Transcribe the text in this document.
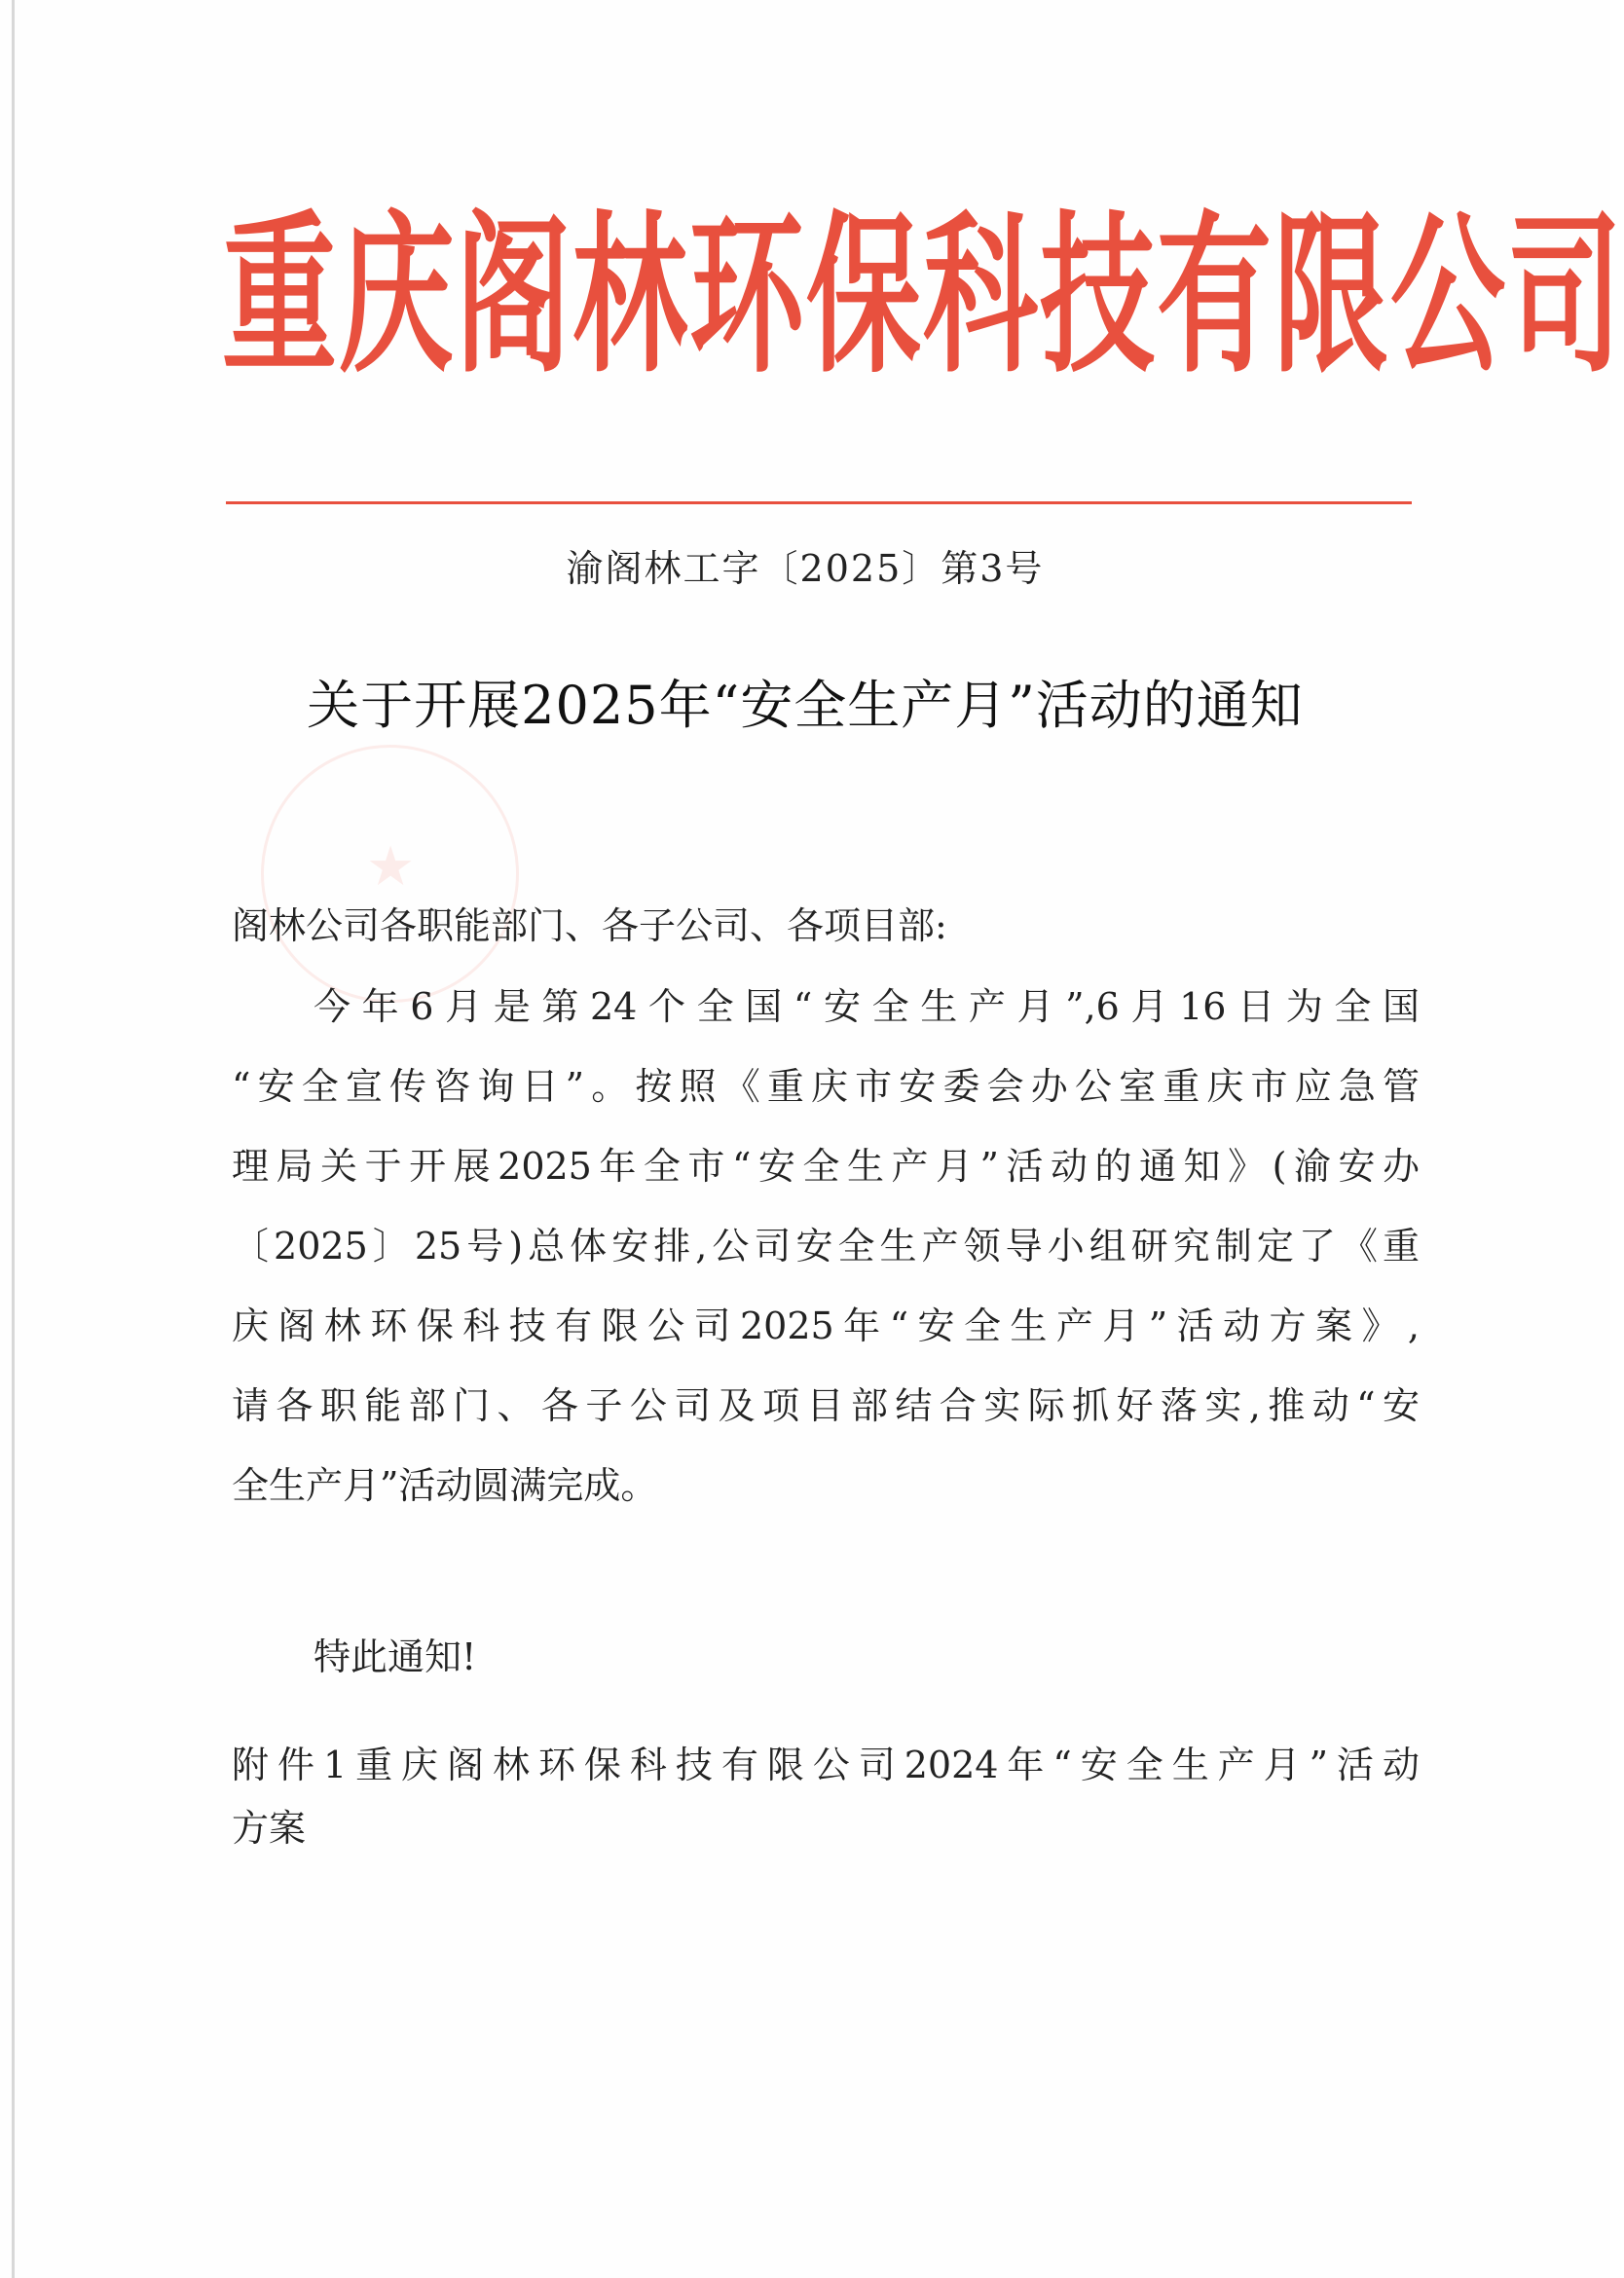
重庆阁林环保科技有限公司
渝阁林工字〔2025〕第3号
★
关于开展2025年“安全生产月”活动的通知

阁林公司各职能部门、各子公司、各项目部:

今年6月是第24个全国“安全生产月”,6月16日为全国

“安全宣传咨询日”。按照《重庆市安委会办公室重庆市应急管

理局关于开展2025年全市“安全生产月”活动的通知》(渝安办

〔2025〕25号)总体安排,公司安全生产领导小组研究制定了《重

庆阁林环保科技有限公司2025年“安全生产月”活动方案》,

请各职能部门、各子公司及项目部结合实际抓好落实,推动“安

全生产月”活动圆满完成。

特此通知!

附件1重庆阁林环保科技有限公司2024年“安全生产月”活动

方案
